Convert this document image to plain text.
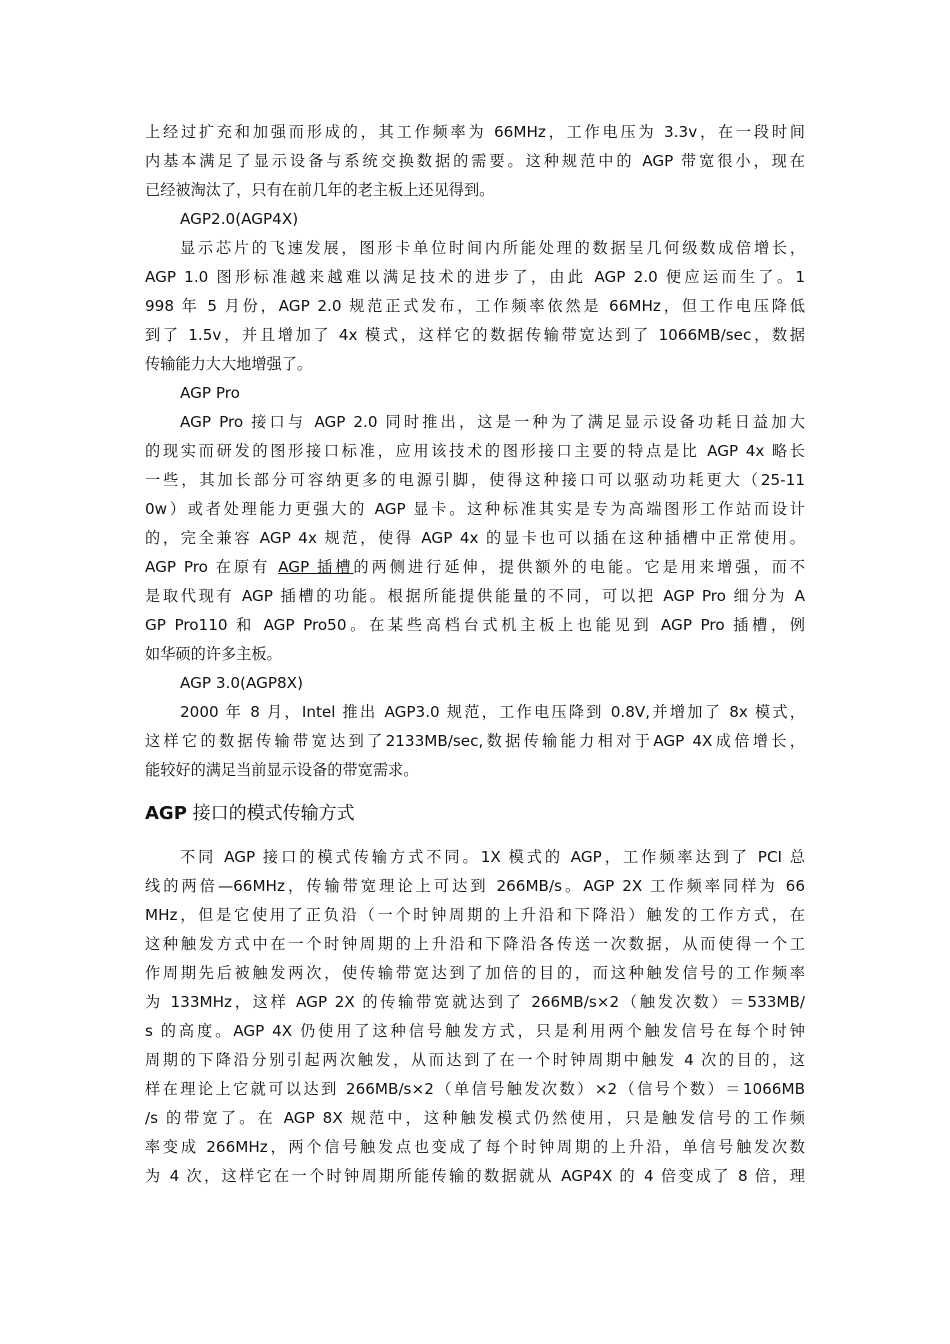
上经过扩充和加强而形成的，其工作频率为 66MHz，工作电压为 3.3v，在一段时间
内基本满足了显示设备与系统交换数据的需要。这种规范中的 AGP 带宽很小，现在
已经被淘汰了，只有在前几年的老主板上还见得到。
AGP2.0(AGP4X)
显示芯片的飞速发展，图形卡单位时间内所能处理的数据呈几何级数成倍增长，
AGP 1.0 图形标准越来越难以满足技术的进步了，由此 AGP 2.0 便应运而生了。1
998 年 5 月份，AGP 2.0 规范正式发布，工作频率依然是 66MHz，但工作电压降低
到了 1.5v，并且增加了 4x 模式，这样它的数据传输带宽达到了 1066MB/sec，数据
传输能力大大地增强了。
AGP Pro
AGP Pro 接口与 AGP 2.0 同时推出，这是一种为了满足显示设备功耗日益加大
的现实而研发的图形接口标准，应用该技术的图形接口主要的特点是比 AGP 4x 略长
一些，其加长部分可容纳更多的电源引脚，使得这种接口可以驱动功耗更大（25-11
0w）或者处理能力更强大的 AGP 显卡。这种标准其实是专为高端图形工作站而设计
的，完全兼容 AGP 4x 规范，使得 AGP 4x 的显卡也可以插在这种插槽中正常使用。
AGP Pro 在原有 AGP 插槽的两侧进行延伸，提供额外的电能。它是用来增强，而不
是取代现有 AGP 插槽的功能。根据所能提供能量的不同，可以把 AGP Pro 细分为 A
GP Pro110 和 AGP Pro50。在某些高档台式机主板上也能见到 AGP Pro 插槽，例
如华硕的许多主板。
AGP 3.0(AGP8X)
2000 年 8 月，Intel 推出 AGP3.0 规范，工作电压降到 0.8V,并增加了 8x 模式，
这样它的数据传输带宽达到了2133MB/sec,数据传输能力相对于AGP 4X成倍增长，
能较好的满足当前显示设备的带宽需求。
AGP 接口的模式传输方式
不同 AGP 接口的模式传输方式不同。1X 模式的 AGP，工作频率达到了 PCI 总
线的两倍—66MHz，传输带宽理论上可达到 266MB/s。AGP 2X 工作频率同样为 66
MHz，但是它使用了正负沿（一个时钟周期的上升沿和下降沿）触发的工作方式，在
这种触发方式中在一个时钟周期的上升沿和下降沿各传送一次数据，从而使得一个工
作周期先后被触发两次，使传输带宽达到了加倍的目的，而这种触发信号的工作频率
为 133MHz，这样 AGP 2X 的传输带宽就达到了 266MB/s×2（触发次数）＝533MB/
s 的高度。AGP 4X 仍使用了这种信号触发方式，只是利用两个触发信号在每个时钟
周期的下降沿分别引起两次触发，从而达到了在一个时钟周期中触发 4 次的目的，这
样在理论上它就可以达到 266MB/s×2（单信号触发次数）×2（信号个数）＝1066MB
/s 的带宽了。在 AGP 8X 规范中，这种触发模式仍然使用，只是触发信号的工作频
率变成 266MHz，两个信号触发点也变成了每个时钟周期的上升沿，单信号触发次数
为 4 次，这样它在一个时钟周期所能传输的数据就从 AGP4X 的 4 倍变成了 8 倍，理
